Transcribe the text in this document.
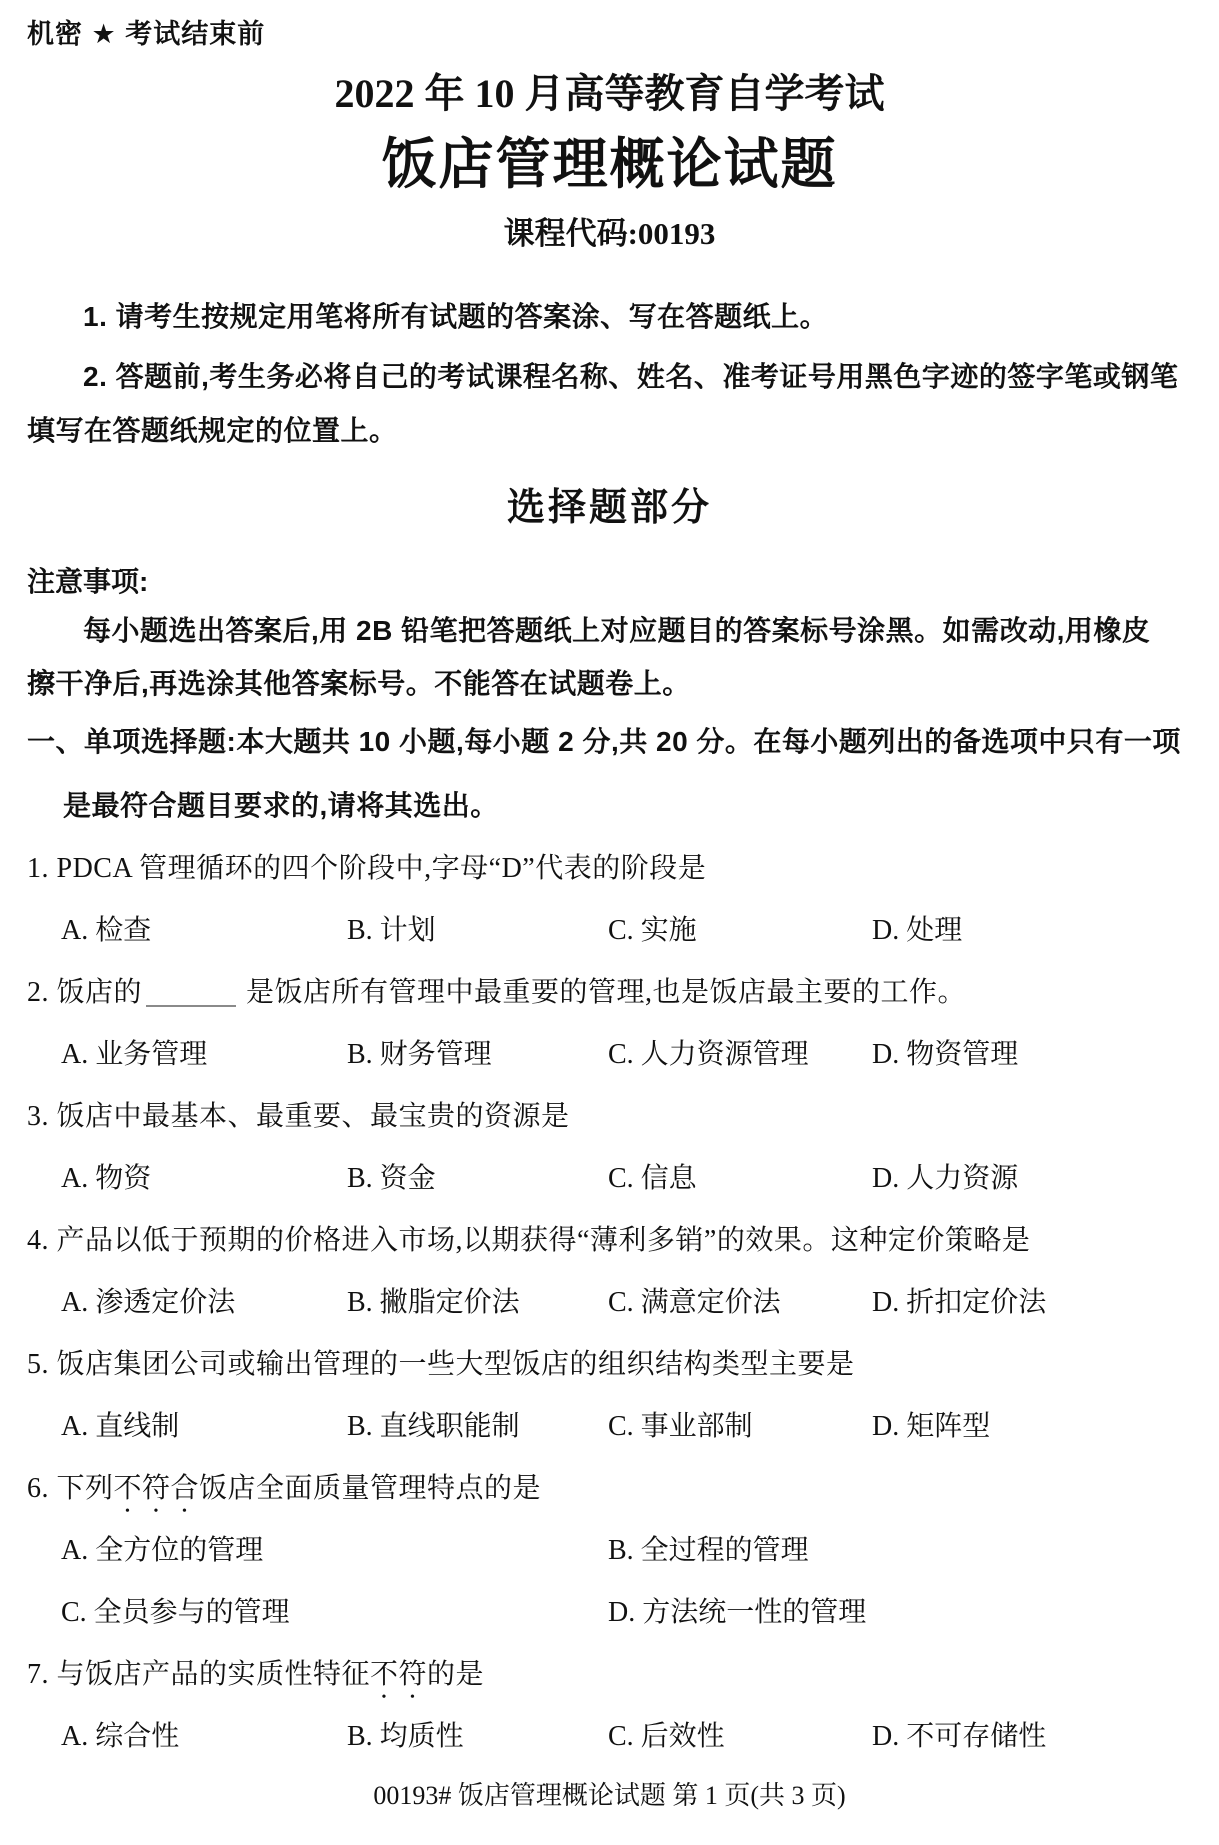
机密 ★ 考试结束前
2022 年 10 月高等教育自学考试
饭店管理概论试题
课程代码:00193

1. 请考生按规定用笔将所有试题的答案涂、写在答题纸上。

2. 答题前,考生务必将自己的考试课程名称、姓名、准考证号用黑色字迹的签字笔或钢笔
填写在答题纸规定的位置上。

选择题部分
注意事项:

每小题选出答案后,用 2B 铅笔把答题纸上对应题目的答案标号涂黑。如需改动,用橡皮
擦干净后,再选涂其他答案标号。不能答在试题卷上。

一、单项选择题:本大题共 10 小题,每小题 2 分,共 20 分。在每小题列出的备选项中只有一项
是最符合题目要求的,请将其选出。

1. PDCA 管理循环的四个阶段中,字母“D”代表的阶段是
A. 检查	B. 计划	C. 实施	D. 处理
2. 饭店的	是饭店所有管理中最重要的管理,也是饭店最主要的工作。
A. 业务管理	B. 财务管理	C. 人力资源管理	D. 物资管理
3. 饭店中最基本、最重要、最宝贵的资源是
A. 物资	B. 资金	C. 信息	D. 人力资源
4. 产品以低于预期的价格进入市场,以期获得“薄利多销”的效果。这种定价策略是
A. 渗透定价法	B. 撇脂定价法	C. 满意定价法	D. 折扣定价法
5. 饭店集团公司或输出管理的一些大型饭店的组织结构类型主要是
A. 直线制	B. 直线职能制	C. 事业部制	D. 矩阵型
6. 下列不符合饭店全面质量管理特点的是
A. 全方位的管理	B. 全过程的管理
C. 全员参与的管理	D. 方法统一性的管理
7. 与饭店产品的实质性特征不符的是
A. 综合性	B. 均质性	C. 后效性	D. 不可存储性
00193# 饭店管理概论试题 第 1 页(共 3 页)
